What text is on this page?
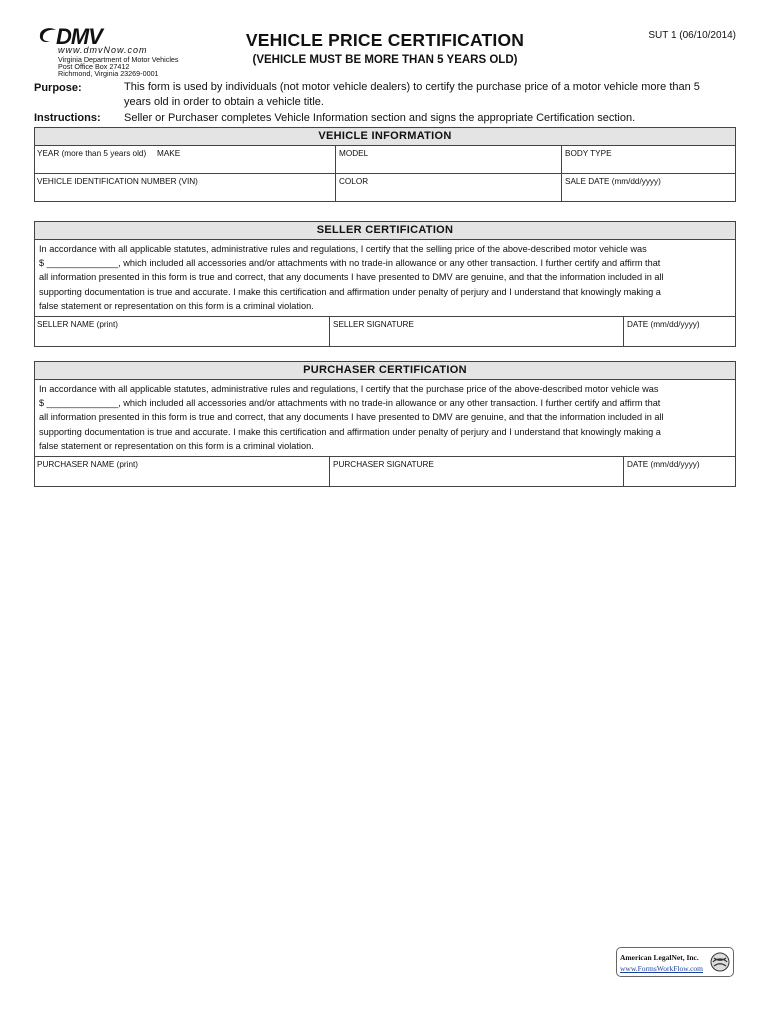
DMV
www.dmvNow.com
Virginia Department of Motor Vehicles
Post Office Box 27412
Richmond, Virginia 23269-0001
VEHICLE PRICE CERTIFICATION
(VEHICLE MUST BE MORE THAN 5 YEARS OLD)
SUT 1 (06/10/2014)
Purpose:	This form is used by individuals (not motor vehicle dealers) to certify the purchase price of a motor vehicle more than 5
years old in order to obtain a vehicle title.
Instructions: Seller or Purchaser completes Vehicle Information section and signs the appropriate Certification section.
VEHICLE INFORMATION
YEAR (more than 5 years old)	MAKE	MODEL	BODY TYPE
VEHICLE IDENTIFICATION NUMBER (VIN)	COLOR	SALE DATE (mm/dd/yyyy)
SELLER CERTIFICATION
In accordance with all applicable statutes, administrative rules and regulations, I certify that the selling price of the above-described motor vehicle was
$ ______________, which included all accessories and/or attachments with no trade-in allowance or any other transaction. I further certify and affirm that
all information presented in this form is true and correct, that any documents I have presented to DMV are genuine, and that the information included in all
supporting documentation is true and accurate. I make this certification and affirmation under penalty of perjury and I understand that knowingly making a
false statement or representation on this form is a criminal violation.
SELLER NAME (print)	SELLER SIGNATURE	DATE (mm/dd/yyyy)
PURCHASER CERTIFICATION
In accordance with all applicable statutes, administrative rules and regulations, I certify that the purchase price of the above-described motor vehicle was
$ ______________, which included all accessories and/or attachments with no trade-in allowance or any other transaction. I further certify and affirm that
all information presented in this form is true and correct, that any documents I have presented to DMV are genuine, and that the information included in all
supporting documentation is true and accurate. I make this certification and affirmation under penalty of perjury and I understand that knowingly making a
false statement or representation on this form is a criminal violation.
PURCHASER NAME (print)	PURCHASER SIGNATURE	DATE (mm/dd/yyyy)
American LegalNet, Inc.
www.FormsWorkFlow.com
